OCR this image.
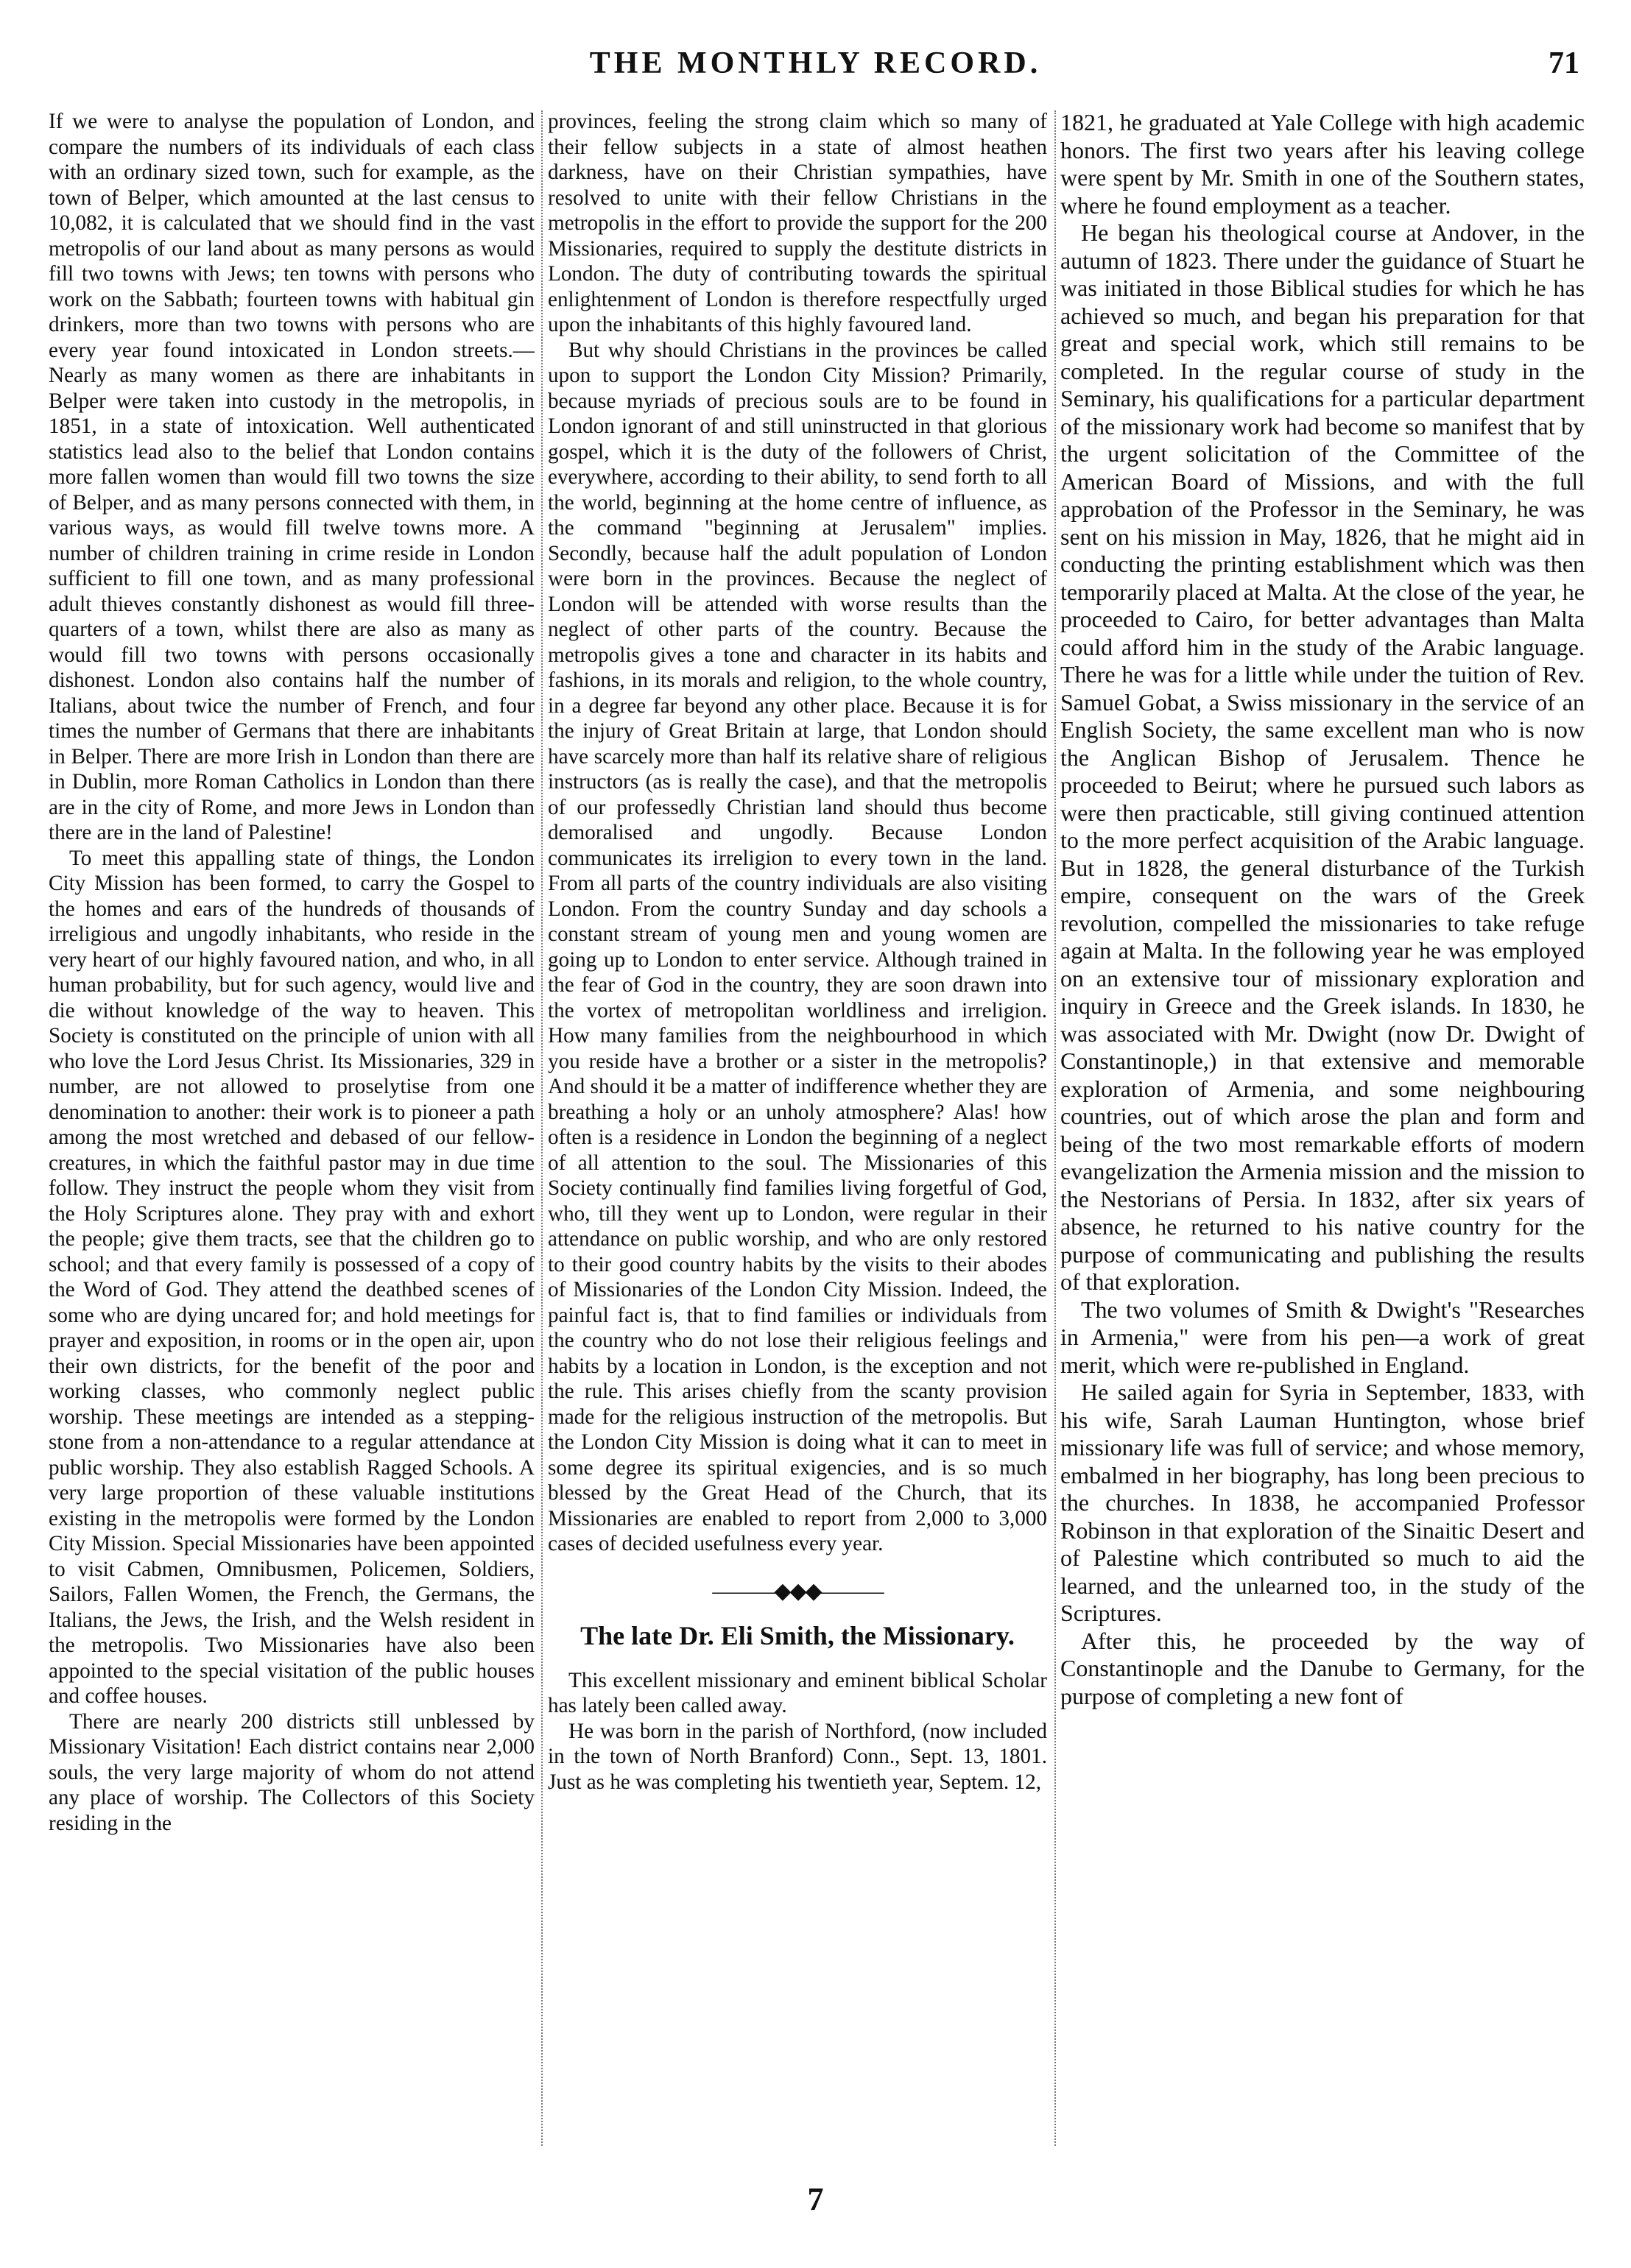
THE MONTHLY RECORD.	71

If we were to analyse the population of London, and compare the numbers of its individuals of each class with an ordinary sized town, such for example, as the town of Belper, which amounted at the last census to 10,082, it is calculated that we should find in the vast metropolis of our land about as many persons as would fill two towns with Jews; ten towns with persons who work on the Sabbath; fourteen towns with habitual gin drinkers, more than two towns with persons who are every year found intoxicated in London streets.— Nearly as many women as there are inhabitants in Belper were taken into custody in the metropolis, in 1851, in a state of intoxication. Well authenticated statistics lead also to the belief that London contains more fallen women than would fill two towns the size of Belper, and as many persons connected with them, in various ways, as would fill twelve towns more. A number of children training in crime reside in London sufficient to fill one town, and as many professional adult thieves constantly dishonest as would fill three-quarters of a town, whilst there are also as many as would fill two towns with persons occasionally dishonest. London also contains half the number of Italians, about twice the number of French, and four times the number of Germans that there are inhabitants in Belper. There are more Irish in London than there are in Dublin, more Roman Catholics in London than there are in the city of Rome, and more Jews in London than there are in the land of Palestine!

To meet this appalling state of things, the London City Mission has been formed, to carry the Gospel to the homes and ears of the hundreds of thousands of irreligious and ungodly inhabitants, who reside in the very heart of our highly favoured nation, and who, in all human probability, but for such agency, would live and die without knowledge of the way to heaven. This Society is constituted on the principle of union with all who love the Lord Jesus Christ. Its Missionaries, 329 in number, are not allowed to proselytise from one denomination to another: their work is to pioneer a path among the most wretched and debased of our fellow-creatures, in which the faithful pastor may in due time follow. They instruct the people whom they visit from the Holy Scriptures alone. They pray with and exhort the people; give them tracts, see that the children go to school; and that every family is possessed of a copy of the Word of God. They attend the deathbed scenes of some who are dying uncared for; and hold meetings for prayer and exposition, in rooms or in the open air, upon their own districts, for the benefit of the poor and working classes, who commonly neglect public worship. These meetings are intended as a stepping-stone from a non-attendance to a regular attendance at public worship. They also establish Ragged Schools. A very large proportion of these valuable institutions existing in the metropolis were formed by the London City Mission. Special Missionaries have been appointed to visit Cabmen, Omnibusmen, Policemen, Soldiers, Sailors, Fallen Women, the French, the Germans, the Italians, the Jews, the Irish, and the Welsh resident in the metropolis. Two Missionaries have also been appointed to the special visitation of the public houses and coffee houses.

There are nearly 200 districts still unblessed by Missionary Visitation! Each district contains near 2,000 souls, the very large majority of whom do not attend any place of worship. The Collectors of this Society residing in the

provinces, feeling the strong claim which so many of their fellow subjects in a state of almost heathen darkness, have on their Christian sympathies, have resolved to unite with their fellow Christians in the metropolis in the effort to provide the support for the 200 Missionaries, required to supply the destitute districts in London. The duty of contributing towards the spiritual enlightenment of London is therefore respectfully urged upon the inhabitants of this highly favoured land.

But why should Christians in the provinces be called upon to support the London City Mission? Primarily, because myriads of precious souls are to be found in London ignorant of and still uninstructed in that glorious gospel, which it is the duty of the followers of Christ, everywhere, according to their ability, to send forth to all the world, beginning at the home centre of influence, as the command "beginning at Jerusalem" implies. Secondly, because half the adult population of London were born in the provinces. Because the neglect of London will be attended with worse results than the neglect of other parts of the country. Because the metropolis gives a tone and character in its habits and fashions, in its morals and religion, to the whole country, in a degree far beyond any other place. Because it is for the injury of Great Britain at large, that London should have scarcely more than half its relative share of religious instructors (as is really the case), and that the metropolis of our professedly Christian land should thus become demoralised and ungodly. Because London communicates its irreligion to every town in the land. From all parts of the country individuals are also visiting London. From the country Sunday and day schools a constant stream of young men and young women are going up to London to enter service. Although trained in the fear of God in the country, they are soon drawn into the vortex of metropolitan worldliness and irreligion. How many families from the neighbourhood in which you reside have a brother or a sister in the metropolis? And should it be a matter of indifference whether they are breathing a holy or an unholy atmosphere? Alas! how often is a residence in London the beginning of a neglect of all attention to the soul. The Missionaries of this Society continually find families living forgetful of God, who, till they went up to London, were regular in their attendance on public worship, and who are only restored to their good country habits by the visits to their abodes of Missionaries of the London City Mission. Indeed, the painful fact is, that to find families or individuals from the country who do not lose their religious feelings and habits by a location in London, is the exception and not the rule. This arises chiefly from the scanty provision made for the religious instruction of the metropolis. But the London City Mission is doing what it can to meet in some degree its spiritual exigencies, and is so much blessed by the Great Head of the Church, that its Missionaries are enabled to report from 2,000 to 3,000 cases of decided usefulness every year.

———◆◆◆———
The late Dr. Eli Smith, the Missionary.

This excellent missionary and eminent biblical Scholar has lately been called away.

He was born in the parish of Northford, (now included in the town of North Branford) Conn., Sept. 13, 1801. Just as he was completing his twentieth year, Septem. 12,

1821, he graduated at Yale College with high academic honors. The first two years after his leaving college were spent by Mr. Smith in one of the Southern states, where he found employment as a teacher.

He began his theological course at Andover, in the autumn of 1823. There under the guidance of Stuart he was initiated in those Biblical studies for which he has achieved so much, and began his preparation for that great and special work, which still remains to be completed. In the regular course of study in the Seminary, his qualifications for a particular department of the missionary work had become so manifest that by the urgent solicitation of the Committee of the American Board of Missions, and with the full approbation of the Professor in the Seminary, he was sent on his mission in May, 1826, that he might aid in conducting the printing establishment which was then temporarily placed at Malta. At the close of the year, he proceeded to Cairo, for better advantages than Malta could afford him in the study of the Arabic language. There he was for a little while under the tuition of Rev. Samuel Gobat, a Swiss missionary in the service of an English Society, the same excellent man who is now the Anglican Bishop of Jerusalem. Thence he proceeded to Beirut; where he pursued such labors as were then practicable, still giving continued attention to the more perfect acquisition of the Arabic language. But in 1828, the general disturbance of the Turkish empire, consequent on the wars of the Greek revolution, compelled the missionaries to take refuge again at Malta. In the following year he was employed on an extensive tour of missionary exploration and inquiry in Greece and the Greek islands. In 1830, he was associated with Mr. Dwight (now Dr. Dwight of Constantinople,) in that extensive and memorable exploration of Armenia, and some neighbouring countries, out of which arose the plan and form and being of the two most remarkable efforts of modern evangelization the Armenia mission and the mission to the Nestorians of Persia. In 1832, after six years of absence, he returned to his native country for the purpose of communicating and publishing the results of that exploration.

The two volumes of Smith & Dwight's "Researches in Armenia," were from his pen—a work of great merit, which were re-published in England.

He sailed again for Syria in September, 1833, with his wife, Sarah Lauman Huntington, whose brief missionary life was full of service; and whose memory, embalmed in her biography, has long been precious to the churches. In 1838, he accompanied Professor Robinson in that exploration of the Sinaitic Desert and of Palestine which contributed so much to aid the learned, and the unlearned too, in the study of the Scriptures.

After this, he proceeded by the way of Constantinople and the Danube to Germany, for the purpose of completing a new font of

7
